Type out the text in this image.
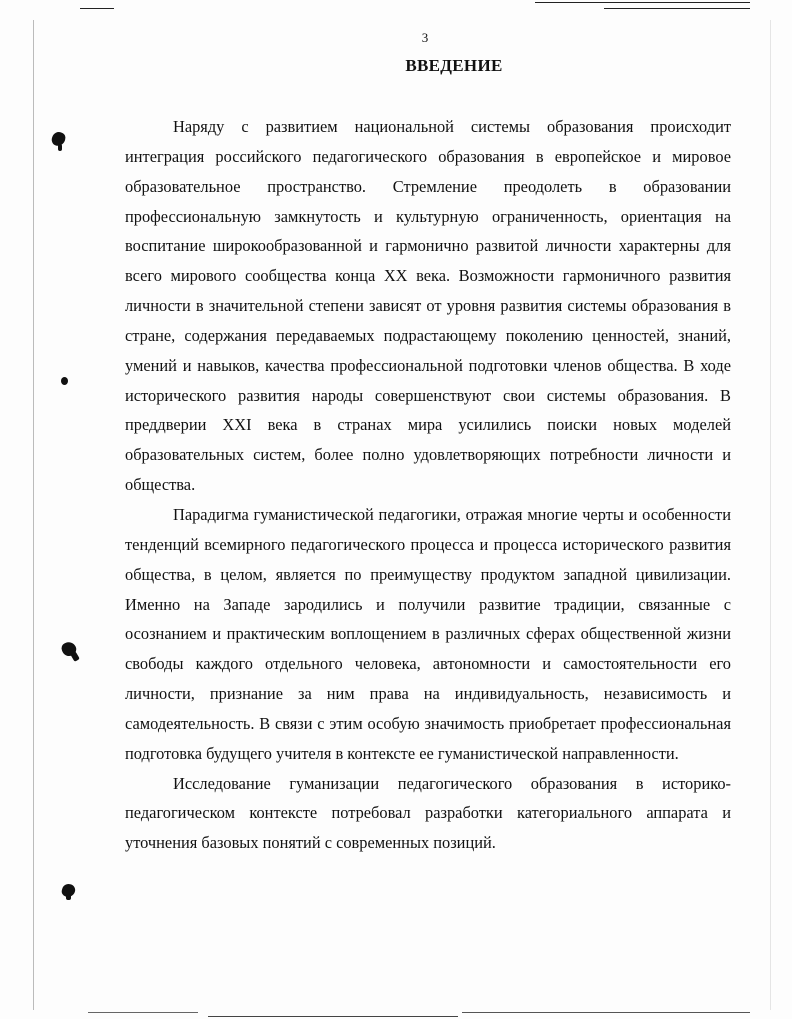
3
ВВЕДЕНИЕ

Наряду с развитием национальной системы образования происходит интеграция российского педагогического образования в европейское и мировое образовательное пространство. Стремление преодолеть в образовании профессиональную замкнутость и культурную ограниченность, ориентация на воспитание широкообразованной и гармонично развитой личности характерны для всего мирового сообщества конца XX века. Возможности гармоничного развития личности в значительной степени зависят от уровня развития системы образования в стране, содержания передаваемых подрастающему поколению ценностей, знаний, умений и навыков, качества профессиональной подготовки членов общества. В ходе исторического развития народы совершенствуют свои системы образования. В преддверии XXI века в странах мира усилились поиски новых моделей образовательных систем, более полно удовлетворяющих потребности личности и общества.

Парадигма гуманистической педагогики, отражая многие черты и особенности тенденций всемирного педагогического процесса и процесса исторического развития общества, в целом, является по преимуществу продуктом западной цивилизации. Именно на Западе зародились и получили развитие традиции, связанные с осознанием и практическим воплощением в различных сферах общественной жизни свободы каждого отдельного человека, автономности и самостоятельности его личности, признание за ним права на индивидуальность, независимость и самодеятельность. В связи с этим особую значимость приобретает профессиональная подготовка будущего учителя в контексте ее гуманистической направленности.

Исследование гуманизации педагогического образования в историко-педагогическом контексте потребовал разработки категориального аппарата и уточнения базовых понятий с современных позиций.
